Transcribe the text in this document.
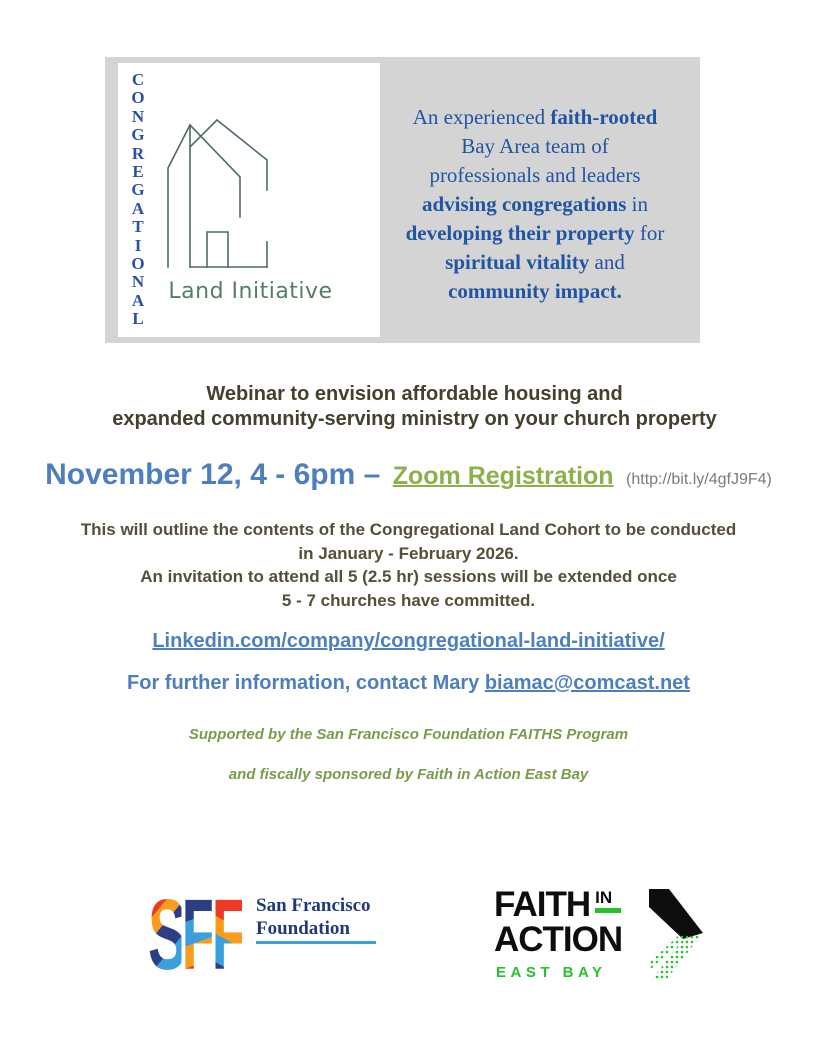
C
O
N
G
R
E
G
A
T
I
O
N
A
L
Land Initiative
An experienced faith-rooted
Bay Area team of
professionals and leaders
advising congregations in
developing their property for
spiritual vitality and
community impact.
Webinar to envision affordable housing and
expanded community-serving ministry on your church property
November 12, 4 - 6pm – Zoom Registration (http://bit.ly/4gfJ9F4)
This will outline the contents of the Congregational Land Cohort to be conducted
in January - February 2026.
An invitation to attend all 5 (2.5 hr) sessions will be extended once
5 - 7 churches have committed.
Linkedin.com/company/congregational-land-initiative/
For further information, contact Mary biamac@comcast.net
Supported by the San Francisco Foundation FAITHS Program
and fiscally sponsored by Faith in Action East Bay
SFF San Francisco
Foundation
FAITH IN
ACTION
EAST BAY
